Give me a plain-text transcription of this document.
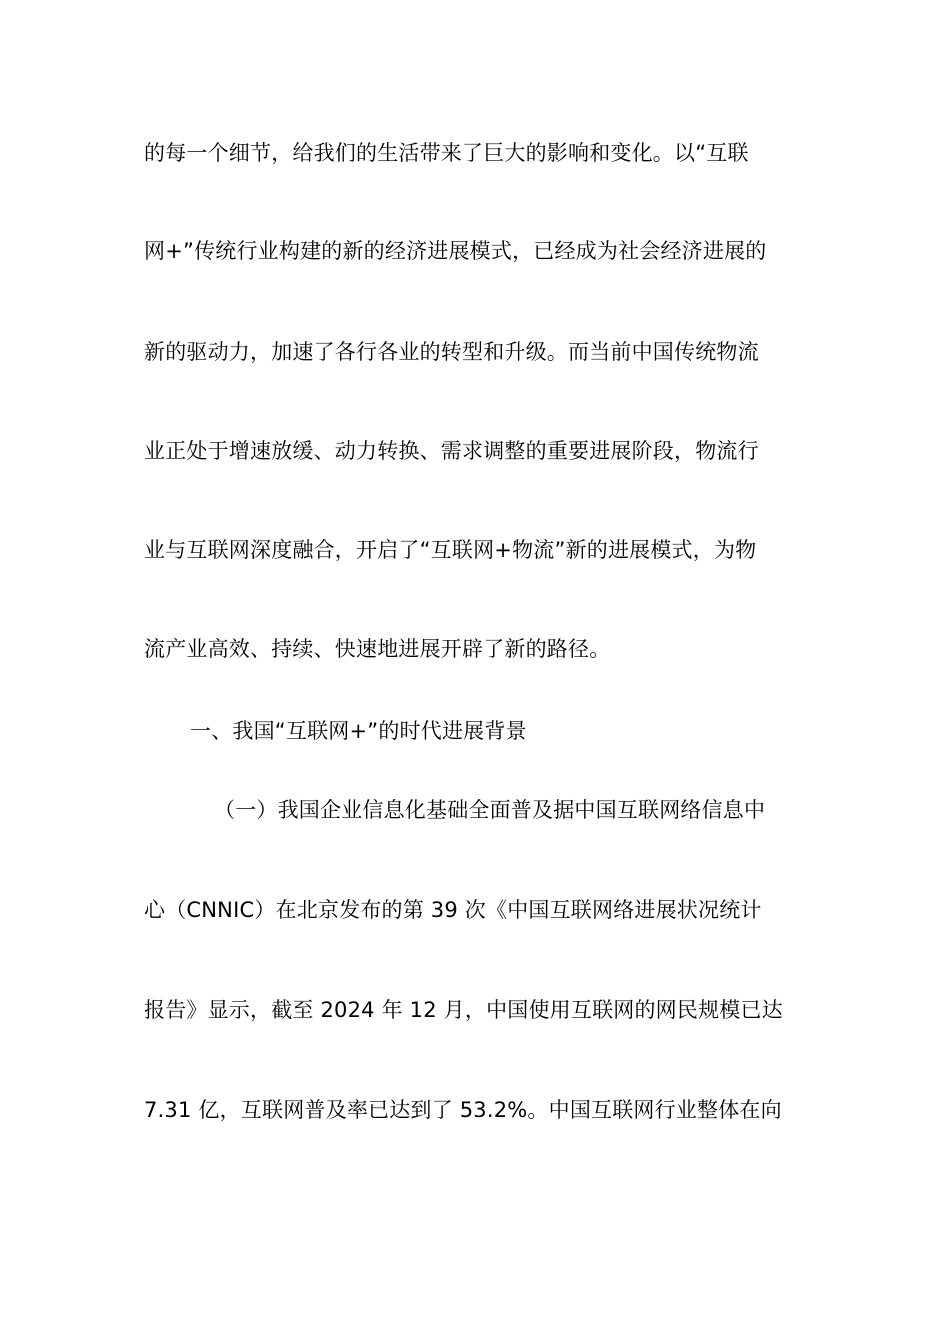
的每一个细节，给我们的生活带来了巨大的影响和变化。以“互联
网+”传统行业构建的新的经济进展模式，已经成为社会经济进展的
新的驱动力，加速了各行各业的转型和升级。而当前中国传统物流
业正处于增速放缓、动力转换、需求调整的重要进展阶段，物流行
业与互联网深度融合，开启了“互联网+物流”新的进展模式，为物
流产业高效、持续、快速地进展开辟了新的路径。
一、我国“互联网+”的时代进展背景
（一）我国企业信息化基础全面普及据中国互联网络信息中
心（CNNIC）在北京发布的第 39 次《中国互联网络进展状况统计
报告》显示，截至 2024 年 12 月，中国使用互联网的网民规模已达
7.31 亿，互联网普及率已达到了 53.2%。中国互联网行业整体在向
